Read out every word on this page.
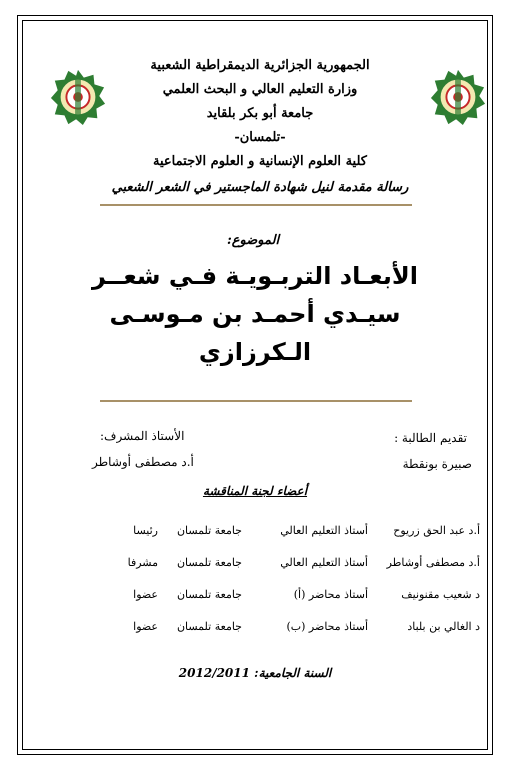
الجمهورية الجزائرية الديمقراطية الشعبية
وزارة التعليم العالي و البحث العلمي
جامعة أبو بكر بلقايد
-تلمسان-
كلية العلوم الإنسانية و العلوم الاجتماعية
رسالة مقدمة لنيل شهادة الماجستير في الشعر الشعبي
الموضوع:
الأبعـاد التربـويـة فـي شعــر
سيـدي أحمـد بن مـوسـى
الـكرزازي
تقديم الطالبة :
صبيرة بونقطة
الأستاذ المشرف:
أ.د مصطفى أوشاطر
أعضاء لجنة المناقشة
أ.د عبد الحق زريوح
أستاذ التعليم العالي
جامعة تلمسان
رئيسا
أ.د مصطفى أوشاطر
أستاذ التعليم العالي
جامعة تلمسان
مشرفا
د شعيب مقنونيف
أستاذ محاضر (أ)
جامعة تلمسان
عضوا
د الغالي بن بلباد
أستاذ محاضر (ب)
جامعة تلمسان
عضوا
السنة الجامعية: 2012/2011
